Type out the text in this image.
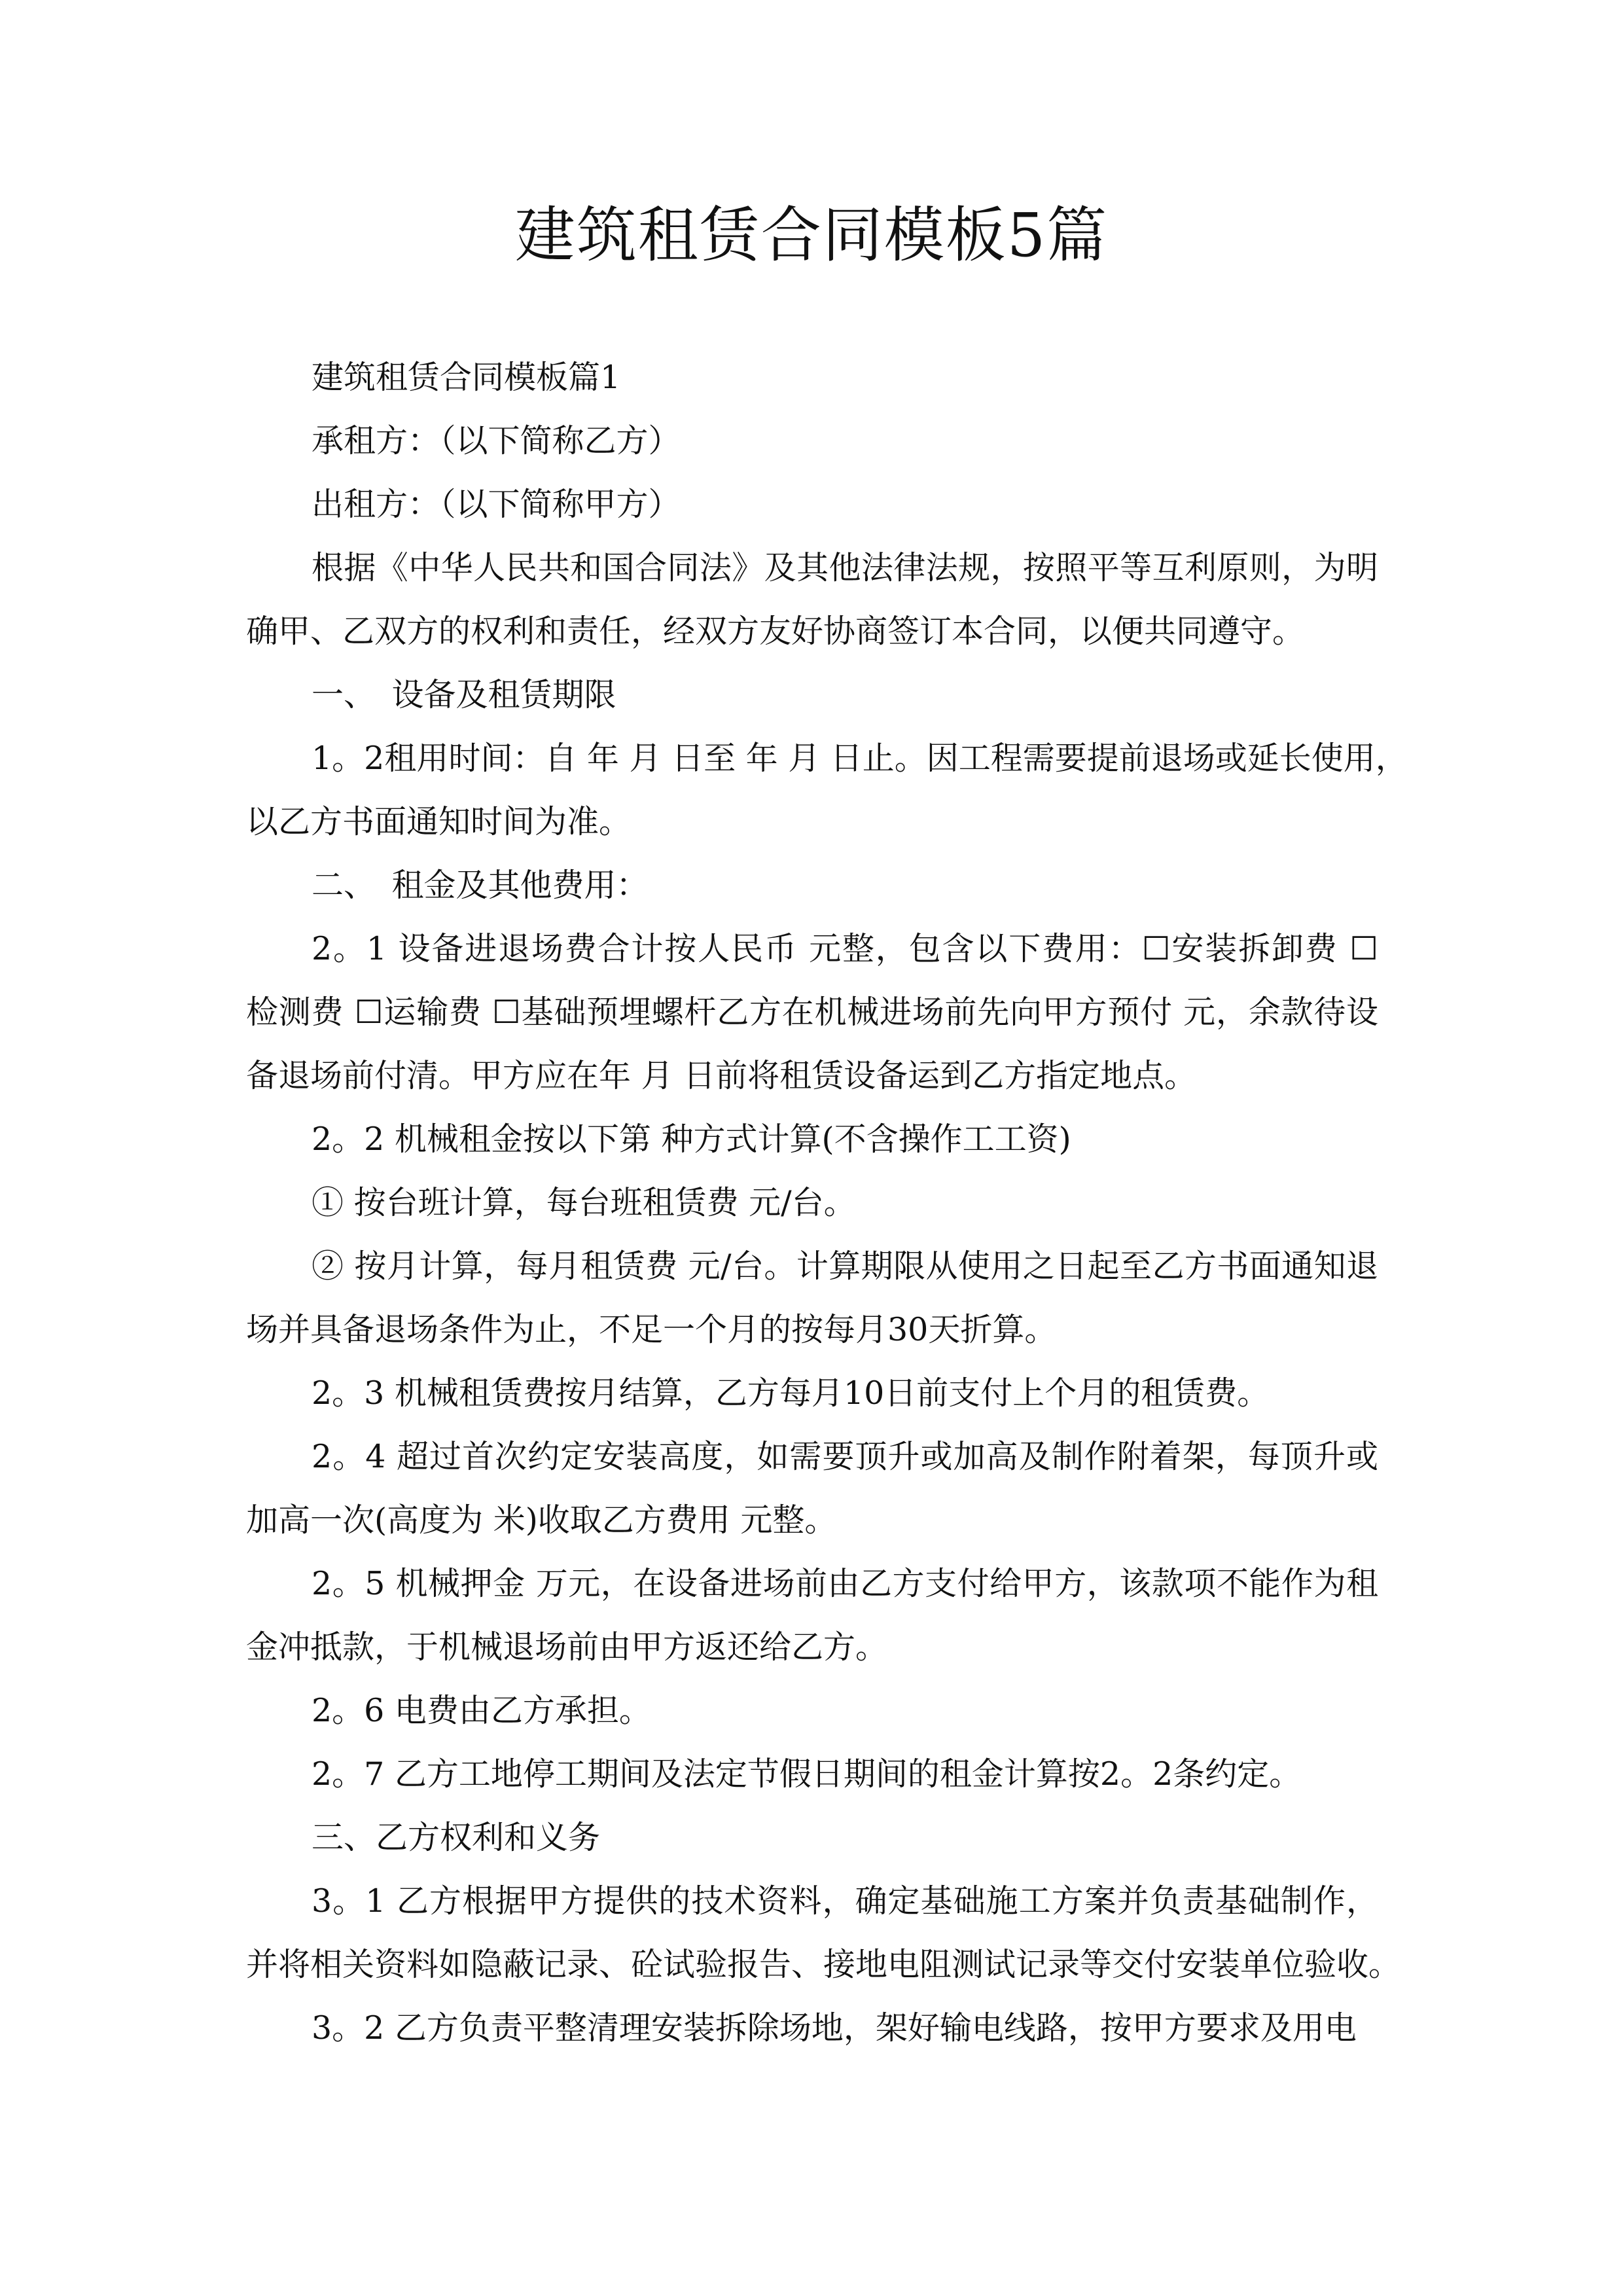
建筑租赁合同模板5篇
建筑租赁合同模板篇1
承租方：（以下简称乙方）
出租方：（以下简称甲方）
根据《中华人民共和国合同法》及其他法律法规，按照平等互利原则，为明
确甲、乙双方的权利和责任，经双方友好协商签订本合同，以便共同遵守。
一、　设备及租赁期限
1。2租用时间：自 年 月 日至 年 月 日止。因工程需要提前退场或延长使用，
以乙方书面通知时间为准。
二、　租金及其他费用：
2。1 设备进退场费合计按人民币 元整，包含以下费用：☐安装拆卸费 ☐
检测费 ☐运输费 ☐基础预埋螺杆乙方在机械进场前先向甲方预付 元，余款待设
备退场前付清。甲方应在年 月 日前将租赁设备运到乙方指定地点。
2。2 机械租金按以下第 种方式计算(不含操作工工资)
① 按台班计算，每台班租赁费 元/台。
② 按月计算，每月租赁费 元/台。计算期限从使用之日起至乙方书面通知退
场并具备退场条件为止，不足一个月的按每月30天折算。
2。3 机械租赁费按月结算，乙方每月10日前支付上个月的租赁费。
2。4 超过首次约定安装高度，如需要顶升或加高及制作附着架，每顶升或
加高一次(高度为 米)收取乙方费用 元整。
2。5 机械押金 万元，在设备进场前由乙方支付给甲方，该款项不能作为租
金冲抵款，于机械退场前由甲方返还给乙方。
2。6 电费由乙方承担。
2。7 乙方工地停工期间及法定节假日期间的租金计算按2。2条约定。
三、乙方权利和义务
3。1 乙方根据甲方提供的技术资料，确定基础施工方案并负责基础制作，
并将相关资料如隐蔽记录、砼试验报告、接地电阻测试记录等交付安装单位验收。
3。2 乙方负责平整清理安装拆除场地，架好输电线路，按甲方要求及用电
